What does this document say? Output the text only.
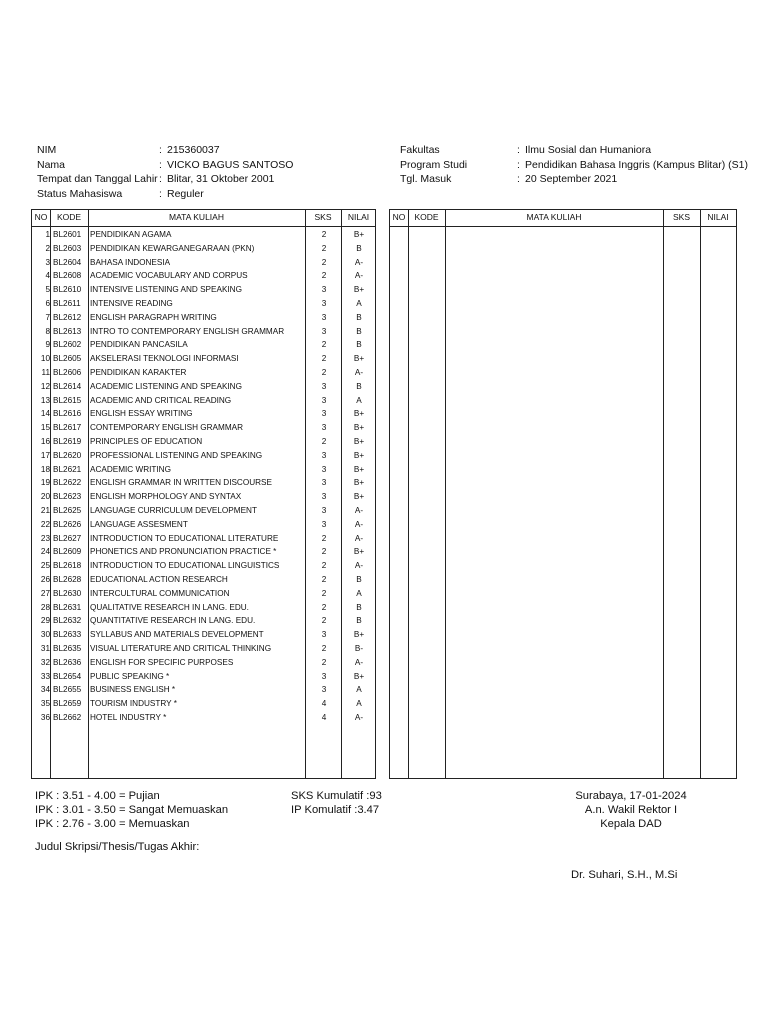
NIM	: 215360037
Nama	: VICKO BAGUS SANTOSO
Tempat dan Tanggal Lahir : Blitar, 31 Oktober 2001
Status Mahasiswa	: Reguler
Fakultas	: Ilmu Sosial dan Humaniora
Program Studi	: Pendidikan Bahasa Inggris (Kampus Blitar) (S1)
Tgl. Masuk	: 20 September 2021
NO	KODE	MATA KULIAH	SKS	NILAI
1 BL2601 PENDIDIKAN AGAMA	2	B+
2 BL2603 PENDIDIKAN KEWARGANEGARAAN (PKN)	2	B
3 BL2604 BAHASA INDONESIA	2	A-
4 BL2608 ACADEMIC VOCABULARY AND CORPUS	2	A-
5 BL2610 INTENSIVE LISTENING AND SPEAKING	3	B+
6 BL2611 INTENSIVE READING	3	A
7 BL2612 ENGLISH PARAGRAPH WRITING	3	B
8 BL2613 INTRO TO CONTEMPORARY ENGLISH GRAMMAR	3	B
9 BL2602 PENDIDIKAN PANCASILA	2	B
10 BL2605 AKSELERASI TEKNOLOGI INFORMASI	2	B+
11 BL2606 PENDIDIKAN KARAKTER	2	A-
12 BL2614 ACADEMIC LISTENING AND SPEAKING	3	B
13 BL2615 ACADEMIC AND CRITICAL READING	3	A
14 BL2616 ENGLISH ESSAY WRITING	3	B+
15 BL2617 CONTEMPORARY ENGLISH GRAMMAR	3	B+
16 BL2619 PRINCIPLES OF EDUCATION	2	B+
17 BL2620 PROFESSIONAL LISTENING AND SPEAKING	3	B+
18 BL2621 ACADEMIC WRITING	3	B+
19 BL2622 ENGLISH GRAMMAR IN WRITTEN DISCOURSE	3	B+
20 BL2623 ENGLISH MORPHOLOGY AND SYNTAX	3	B+
21 BL2625 LANGUAGE CURRICULUM DEVELOPMENT	3	A-
22 BL2626 LANGUAGE ASSESMENT	3	A-
23 BL2627 INTRODUCTION TO EDUCATIONAL LITERATURE	2	A-
24 BL2609 PHONETICS AND PRONUNCIATION PRACTICE *	2	B+
25 BL2618 INTRODUCTION TO EDUCATIONAL LINGUISTICS	2	A-
26 BL2628 EDUCATIONAL ACTION RESEARCH	2	B
27 BL2630 INTERCULTURAL COMMUNICATION	2	A
28 BL2631 QUALITATIVE RESEARCH IN LANG. EDU.	2	B
29 BL2632 QUANTITATIVE RESEARCH IN LANG. EDU.	2	B
30 BL2633 SYLLABUS AND MATERIALS DEVELOPMENT	3	B+
31 BL2635 VISUAL LITERATURE AND CRITICAL THINKING	2	B-
32 BL2636 ENGLISH FOR SPECIFIC PURPOSES	2	A-
33 BL2654 PUBLIC SPEAKING *	3	B+
34 BL2655 BUSINESS ENGLISH *	3	A
35 BL2659 TOURISM INDUSTRY *	4	A
36 BL2662 HOTEL INDUSTRY *	4	A-
NO	KODE	MATA KULIAH	SKS	NILAI
IPK : 3.51 - 4.00 = Pujian
IPK : 3.01 - 3.50 = Sangat Memuaskan
IPK : 2.76 - 3.00 = Memuaskan
SKS Kumulatif :93
IP Komulatif :3.47
Surabaya, 17-01-2024
A.n. Wakil Rektor I
Kepala DAD
Judul Skripsi/Thesis/Tugas Akhir:
Dr. Suhari, S.H., M.Si
